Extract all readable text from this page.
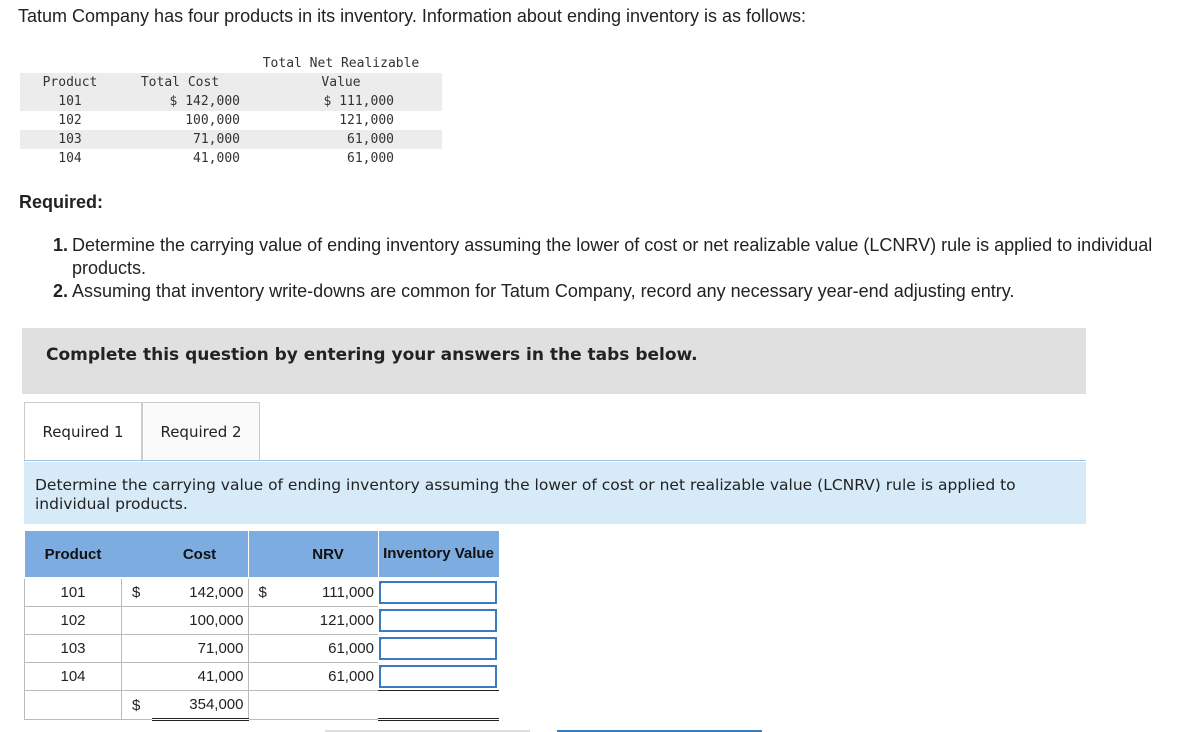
Tatum Company has four products in its inventory. Information about ending inventory is as follows:
Total Net Realizable
Product	Total Cost	Value
101	$ 142,000	$ 111,000
102	100,000	121,000
103	71,000	61,000
104	41,000	61,000
Required:
1. Determine the carrying value of ending inventory assuming the lower of cost or net realizable value (LCNRV) rule is applied to individual products.
2. Assuming that inventory write-downs are common for Tatum Company, record any necessary year-end adjusting entry.
Complete this question by entering your answers in the tabs below.
Required 1	Required 2
Determine the carrying value of ending inventory assuming the lower of cost or net realizable value (LCNRV) rule is applied to individual products.
Product		Cost		NRV	Inventory Value
101	$	142,000	$	111,000	

102		100,000		121,000	

103		71,000		61,000	

104		41,000		61,000	

	$	354,000			
